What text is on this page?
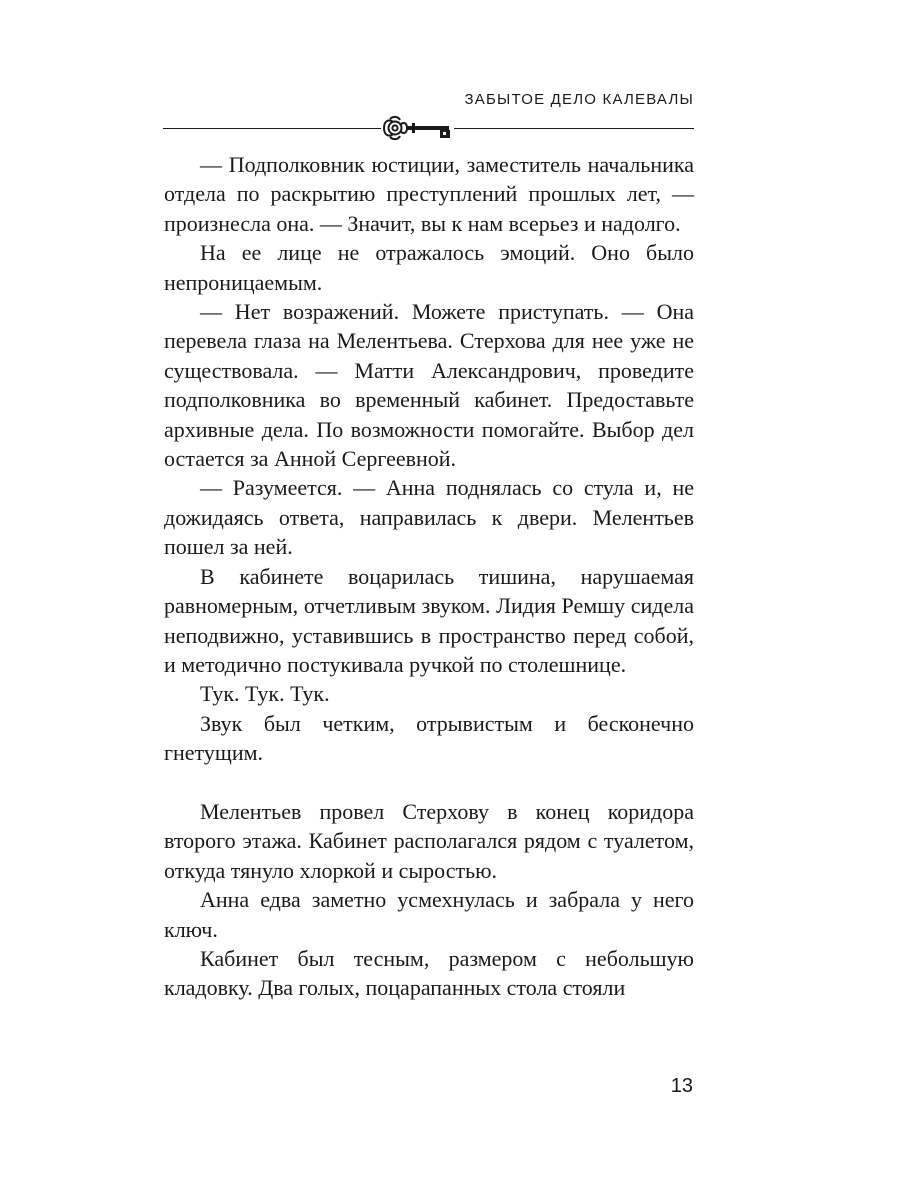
ЗАБЫТОЕ ДЕЛО КАЛЕВАЛЫ

— Подполковник юстиции, заместитель начальника отдела по раскрытию преступлений прошлых лет, — произнесла она. — Значит, вы к нам всерьез и надолго.

На ее лице не отражалось эмоций. Оно было непроницаемым.

— Нет возражений. Можете приступать. — Она перевела глаза на Мелентьева. Стерхова для нее уже не существовала. — Матти Александрович, проведите подполковника во временный кабинет. Предоставьте архивные дела. По возможности помогайте. Выбор дел остается за Анной Сергеевной.

— Разумеется. — Анна поднялась со стула и, не дожидаясь ответа, направилась к двери. Мелентьев пошел за ней.

В кабинете воцарилась тишина, нарушаемая равномерным, отчетливым звуком. Лидия Ремшу сидела неподвижно, уставившись в пространство перед собой, и методично постукивала ручкой по столешнице.

Тук. Тук. Тук.

Звук был четким, отрывистым и бесконечно гнетущим.

Мелентьев провел Стерхову в конец коридора второго этажа. Кабинет располагался рядом с туалетом, откуда тянуло хлоркой и сыростью.

Анна едва заметно усмехнулась и забрала у него ключ.

Кабинет был тесным, размером с небольшую кладовку. Два голых, поцарапанных стола стояли

13
